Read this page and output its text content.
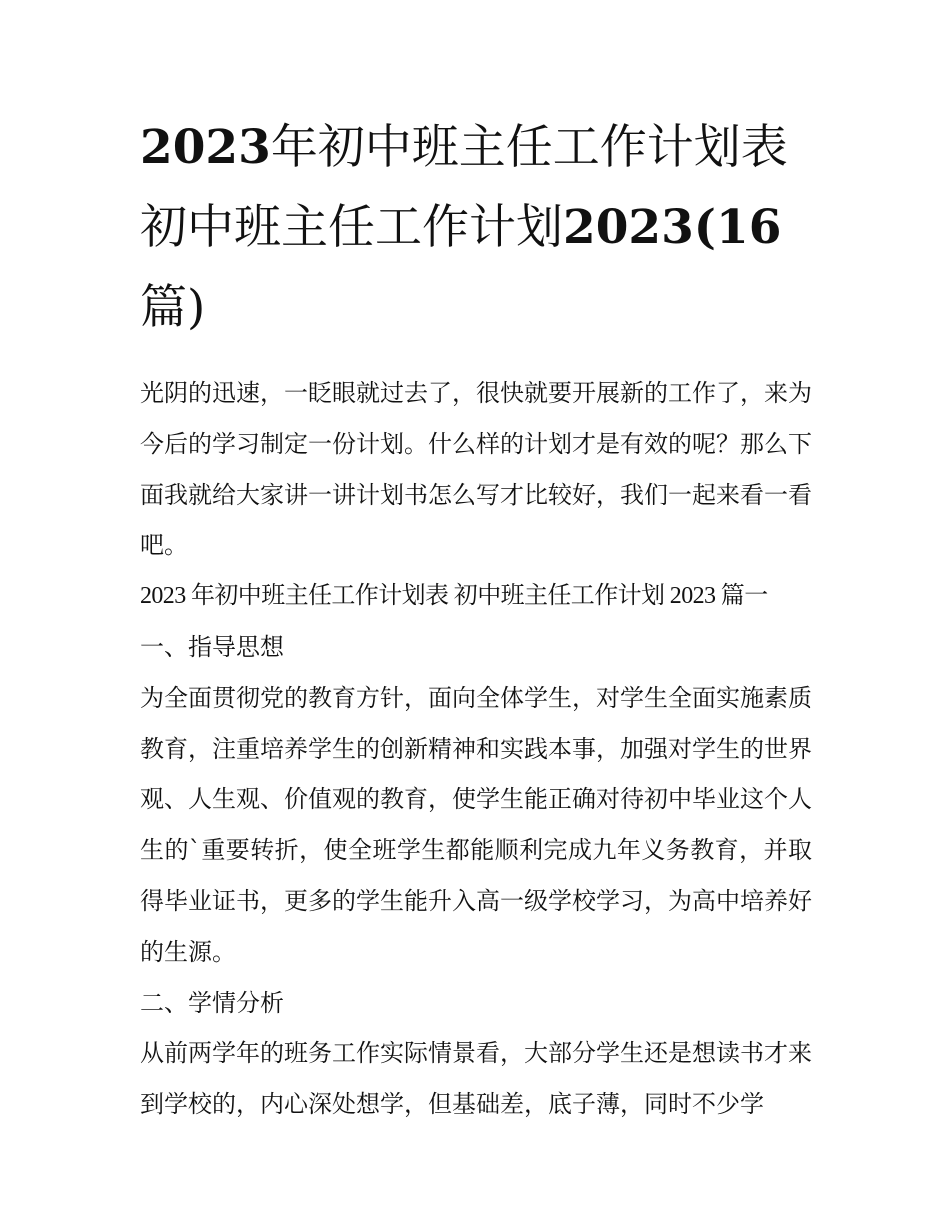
2023年初中班主任工作计划表初中班主任工作计划2023(16篇)

光阴的迅速，一眨眼就过去了，很快就要开展新的工作了，来为今后的学习制定一份计划。什么样的计划才是有效的呢？那么下面我就给大家讲一讲计划书怎么写才比较好，我们一起来看一看吧。

2023 年初中班主任工作计划表 初中班主任工作计划 2023 篇一

一、指导思想

为全面贯彻党的教育方针，面向全体学生，对学生全面实施素质教育，注重培养学生的创新精神和实践本事，加强对学生的世界观、人生观、价值观的教育，使学生能正确对待初中毕业这个人生的`重要转折，使全班学生都能顺利完成九年义务教育，并取得毕业证书，更多的学生能升入高一级学校学习，为高中培养好的生源。

二、学情分析

从前两学年的班务工作实际情景看，大部分学生还是想读书才来到学校的，内心深处想学，但基础差，底子薄，同时不少学
